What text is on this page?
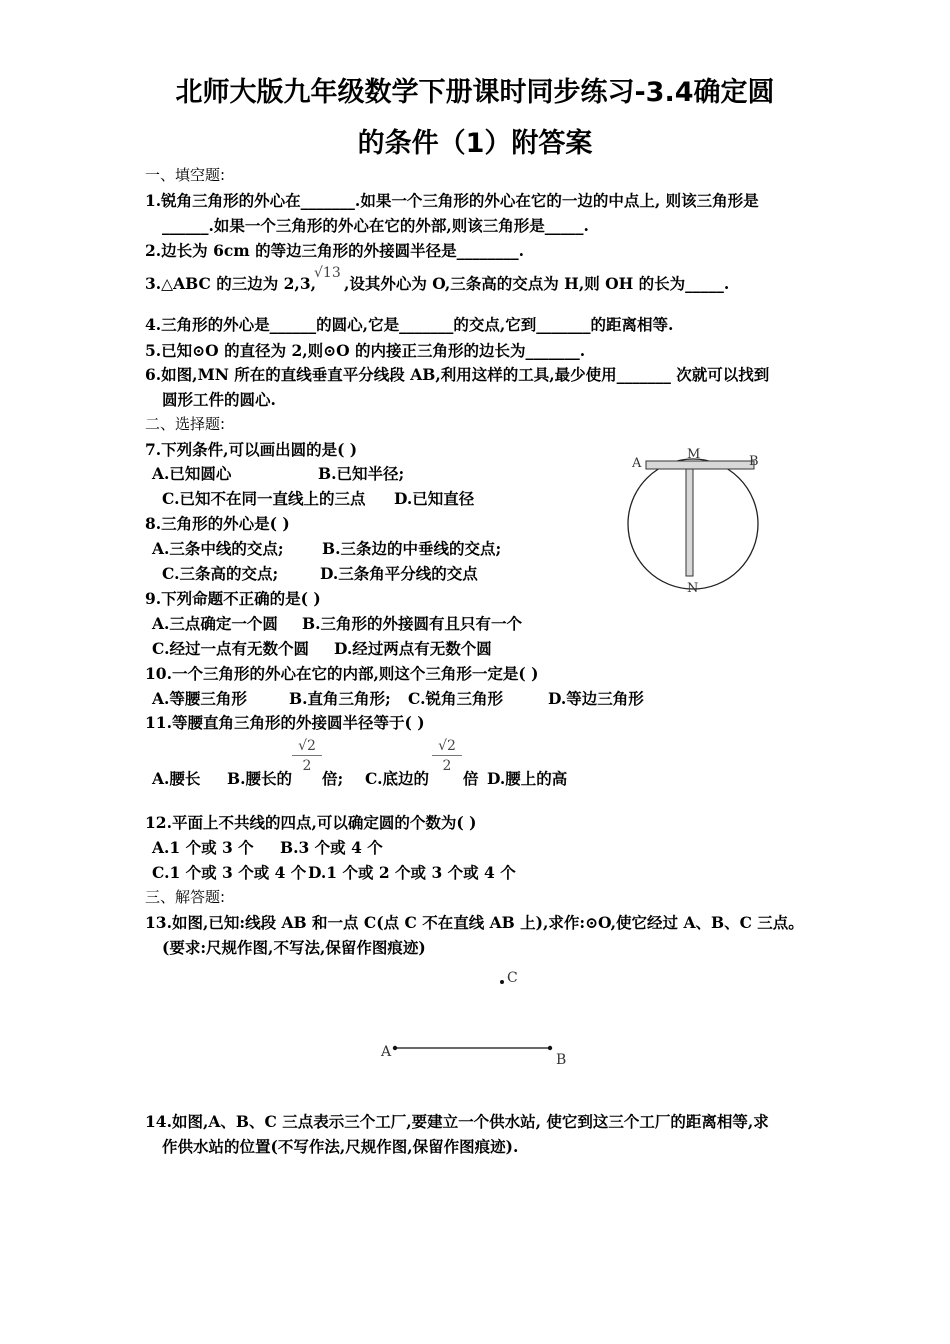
北师大版九年级数学下册课时同步练习-3.4确定圆
的条件（1）附答案
一、填空题:
1.锐角三角形的外心在_______.如果一个三角形的外心在它的一边的中点上, 则该三角形是
______.如果一个三角形的外心在它的外部,则该三角形是_____.
2.边长为 6cm 的等边三角形的外接圆半径是________.
3.△ABC 的三边为 2,3,
√13
,设其外心为 O,三条高的交点为 H,则 OH 的长为_____.
4.三角形的外心是______的圆心,它是_______的交点,它到_______的距离相等.
5.已知⊙O 的直径为 2,则⊙O 的内接正三角形的边长为_______.
6.如图,MN 所在的直线垂直平分线段 AB,利用这样的工具,最少使用_______ 次就可以找到
圆形工件的圆心.
二、选择题:
7.下列条件,可以画出圆的是( )
A.已知圆心	B.已知半径;
C.已知不在同一直线上的三点 D.已知直径
8.三角形的外心是( )
A.三条中线的交点; B.三条边的中垂线的交点;
C.三条高的交点;	D.三条角平分线的交点
9.下列命题不正确的是( )
A.三点确定一个圆 B.三角形的外接圆有且只有一个
C.经过一点有无数个圆 D.经过两点有无数个圆
10.一个三角形的外心在它的内部,则这个三角形一定是( )
A.等腰三角形	B.直角三角形; C.锐角三角形	D.等边三角形
11.等腰直角三角形的外接圆半径等于( )
$\frac{√2}{2}$	$\frac{√2}{2}$
A.腰长 B.腰长的 倍; C.底边的 倍 D.腰上的高
12.平面上不共线的四点,可以确定圆的个数为( )
A.1 个或 3 个 B.3 个或 4 个
C.1 个或 3 个或 4 个 D.1 个或 2 个或 3 个或 4 个
三、解答题:
13.如图,已知:线段 AB 和一点 C(点 C 不在直线 AB 上),求作:⊙O,使它经过 A、B、C 三点。
(要求:尺规作图,不写法,保留作图痕迹)
14.如图,A、B、C 三点表示三个工厂,要建立一个供水站, 使它到这三个工厂的距离相等,求
作供水站的位置(不写作法,尺规作图,保留作图痕迹).
A
M	B
N
C
A	B
